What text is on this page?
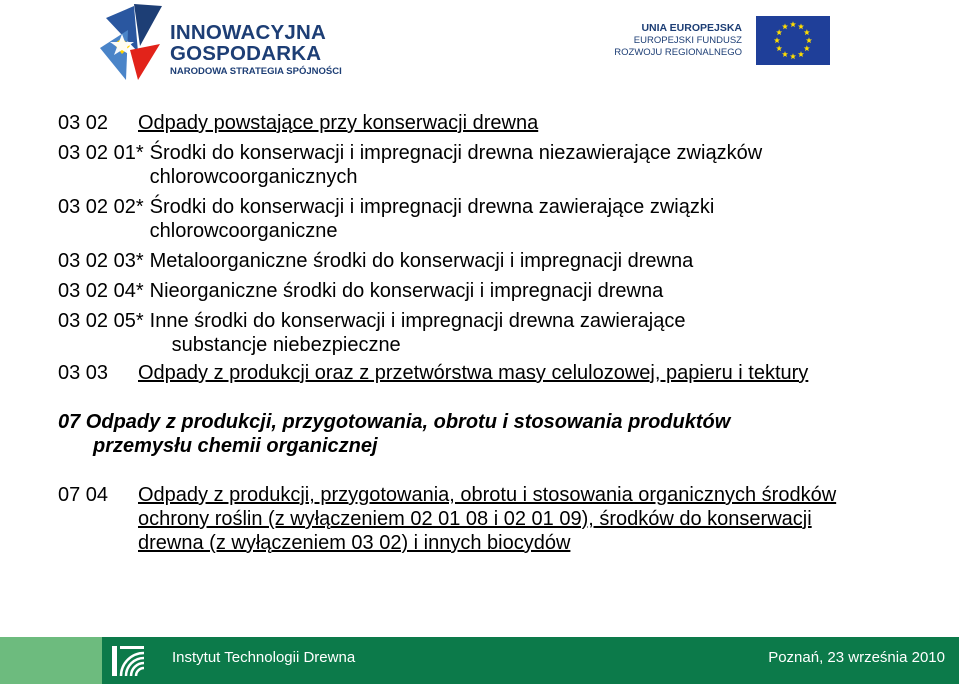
INNOWACYJNA
GOSPODARKA
NARODOWA STRATEGIA SPÓJNOŚCI
UNIA EUROPEJSKA
EUROPEJSKI FUNDUSZ
ROZWOJU REGIONALNEGO
03 02	Odpady powstające przy konserwacji drewna
03 02 01* Środki do konserwacji i impregnacji drewna niezawierające związków chlorowcoorganicznych
03 02 02* Środki do konserwacji i impregnacji drewna zawierające związki chlorowcoorganiczne
03 02 03* Metaloorganiczne środki do konserwacji i impregnacji drewna
03 02 04* Nieorganiczne środki do konserwacji i impregnacji drewna
03 02 05* Inne środki do konserwacji i impregnacji drewna zawierające
substancje niebezpieczne
03 03	Odpady z produkcji oraz z przetwórstwa masy celulozowej, papieru i tektury
07 Odpady z produkcji, przygotowania, obrotu i stosowania produktów
przemysłu chemii organicznej
07 04	Odpady z produkcji, przygotowania, obrotu i stosowania organicznych środków ochrony roślin (z wyłączeniem 02 01 08 i 02 01 09), środków do konserwacji drewna (z wyłączeniem 03 02) i innych biocydów
Instytut Technologii Drewna	Poznań, 23 września 2010
